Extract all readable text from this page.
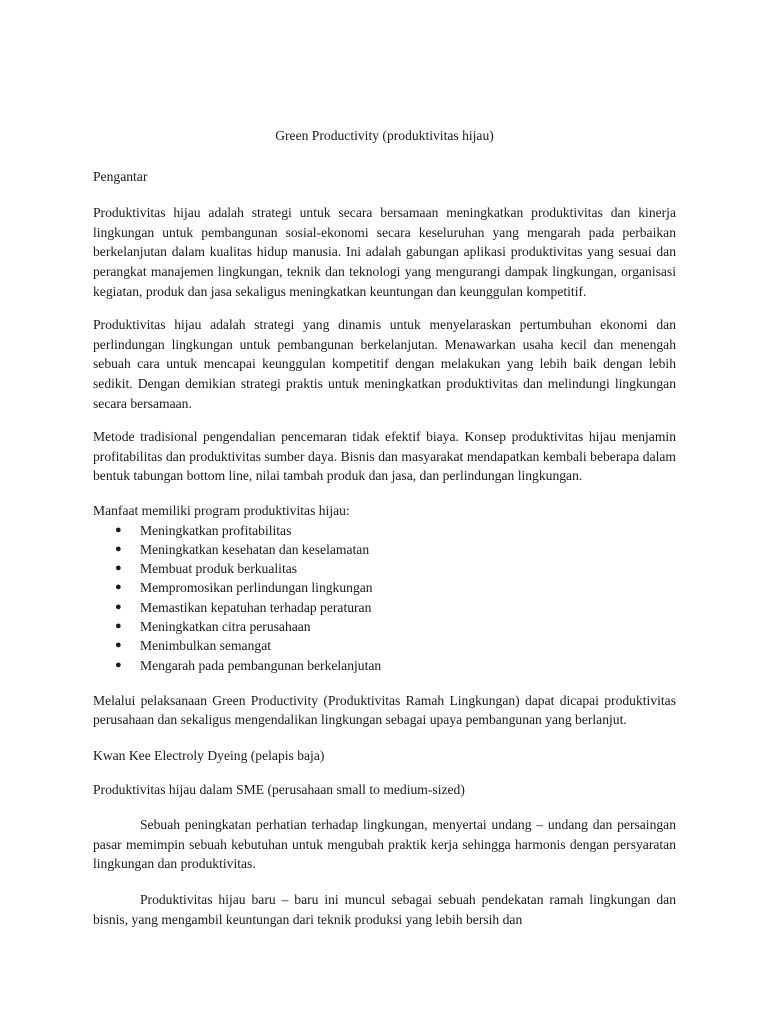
Green Productivity (produktivitas hijau)

Pengantar

Produktivitas hijau adalah strategi untuk secara bersamaan meningkatkan produktivitas dan kinerja lingkungan untuk pembangunan sosial-ekonomi secara keseluruhan yang mengarah pada perbaikan berkelanjutan dalam kualitas hidup manusia. Ini adalah gabungan aplikasi produktivitas yang sesuai dan perangkat manajemen lingkungan, teknik dan teknologi yang mengurangi dampak lingkungan, organisasi kegiatan, produk dan jasa sekaligus meningkatkan keuntungan dan keunggulan kompetitif.

Produktivitas hijau adalah strategi yang dinamis untuk menyelaraskan pertumbuhan ekonomi dan perlindungan lingkungan untuk pembangunan berkelanjutan. Menawarkan usaha kecil dan menengah sebuah cara untuk mencapai keunggulan kompetitif dengan melakukan yang lebih baik dengan lebih sedikit. Dengan demikian strategi praktis untuk meningkatkan produktivitas dan melindungi lingkungan secara bersamaan.

Metode tradisional pengendalian pencemaran tidak efektif biaya. Konsep produktivitas hijau menjamin profitabilitas dan produktivitas sumber daya. Bisnis dan masyarakat mendapatkan kembali beberapa dalam bentuk tabungan bottom line, nilai tambah produk dan jasa, dan perlindungan lingkungan.

Manfaat memiliki program produktivitas hijau:

● Meningkatkan profitabilitas
● Meningkatkan kesehatan dan keselamatan
● Membuat produk berkualitas
● Mempromosikan perlindungan lingkungan
● Memastikan kepatuhan terhadap peraturan
● Meningkatkan citra perusahaan
● Menimbulkan semangat
● Mengarah pada pembangunan berkelanjutan

Melalui pelaksanaan Green Productivity (Produktivitas Ramah Lingkungan) dapat dicapai produktivitas perusahaan dan sekaligus mengendalikan lingkungan sebagai upaya pembangunan yang berlanjut.

Kwan Kee Electroly Dyeing (pelapis baja)

Produktivitas hijau dalam SME (perusahaan small to medium-sized)

Sebuah peningkatan perhatian terhadap lingkungan, menyertai undang – undang dan persaingan pasar memimpin sebuah kebutuhan untuk mengubah praktik kerja sehingga harmonis dengan persyaratan lingkungan dan produktivitas.

Produktivitas hijau baru – baru ini muncul sebagai sebuah pendekatan ramah lingkungan dan bisnis, yang mengambil keuntungan dari teknik produksi yang lebih bersih dan
